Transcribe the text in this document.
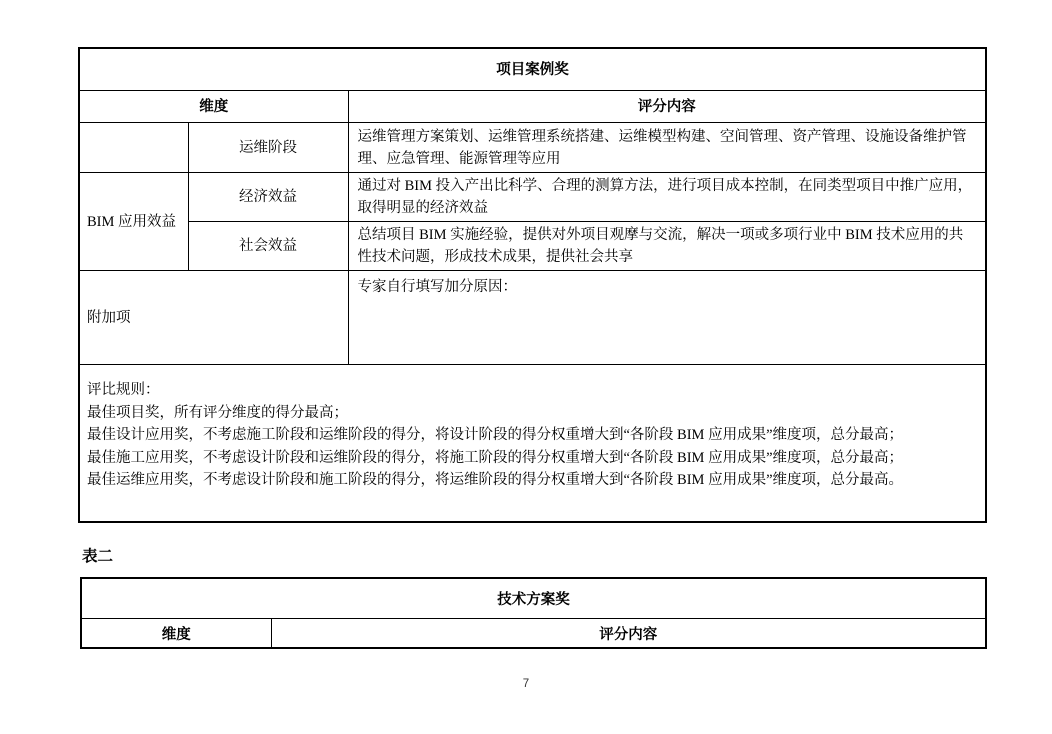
项目案例奖		
维度		评分内容
	运维阶段	运维管理方案策划、运维管理系统搭建、运维模型构建、空间管理、资产管理、设施设备维护管理、应急管理、能源管理等应用
BIM 应用效益	经济效益	通过对 BIM 投入产出比科学、合理的测算方法，进行项目成本控制，在同类型项目中推广应用，取得明显的经济效益
	社会效益	总结项目 BIM 实施经验，提供对外项目观摩与交流，解决一项或多项行业中 BIM 技术应用的共性技术问题，形成技术成果，提供社会共享
附加项		专家自行填写加分原因：

评比规则：
最佳项目奖，所有评分维度的得分最高；
最佳设计应用奖，不考虑施工阶段和运维阶段的得分，将设计阶段的得分权重增大到“各阶段 BIM 应用成果”维度项，总分最高；
最佳施工应用奖，不考虑设计阶段和运维阶段的得分，将施工阶段的得分权重增大到“各阶段 BIM 应用成果”维度项，总分最高；
最佳运维应用奖，不考虑设计阶段和施工阶段的得分，将运维阶段的得分权重增大到“各阶段 BIM 应用成果”维度项，总分最高。		
表二
技术方案奖
维度	评分内容
7
